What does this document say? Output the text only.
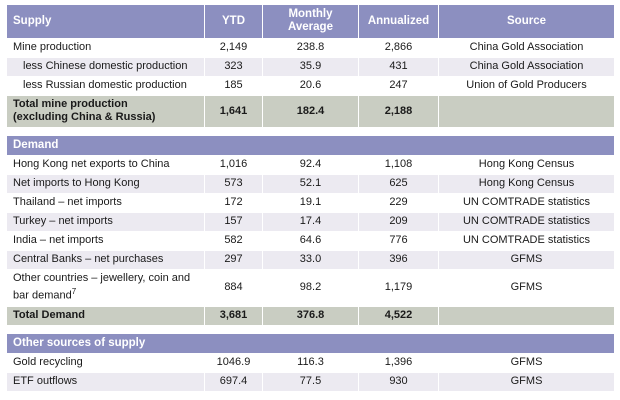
Supply	YTD	Monthly Average	Annualized	Source
Mine production	2,149	238.8	2,866	China Gold Association
less Chinese domestic production	323	35.9	431	China Gold Association
less Russian domestic production	185	20.6	247	Union of Gold Producers

Total mine production
(excluding China & Russia)	1,641	182.4	2,188	
Demand				
Hong Kong net exports to China	1,016	92.4	1,108	Hong Kong Census
Net imports to Hong Kong	573	52.1	625	Hong Kong Census
Thailand – net imports	172	19.1	229	UN COMTRADE statistics
Turkey – net imports	157	17.4	209	UN COMTRADE statistics
India – net imports	582	64.6	776	UN COMTRADE statistics
Central Banks – net purchases	297	33.0	396	GFMS

Other countries – jewellery, coin and
bar demand$^7$	884	98.2	1,179	GFMS
Total Demand	3,681	376.8	4,522	
Other sources of supply				
Gold recycling	1046.9	116.3	1,396	GFMS
ETF outflows	697.4	77.5	930	GFMS
